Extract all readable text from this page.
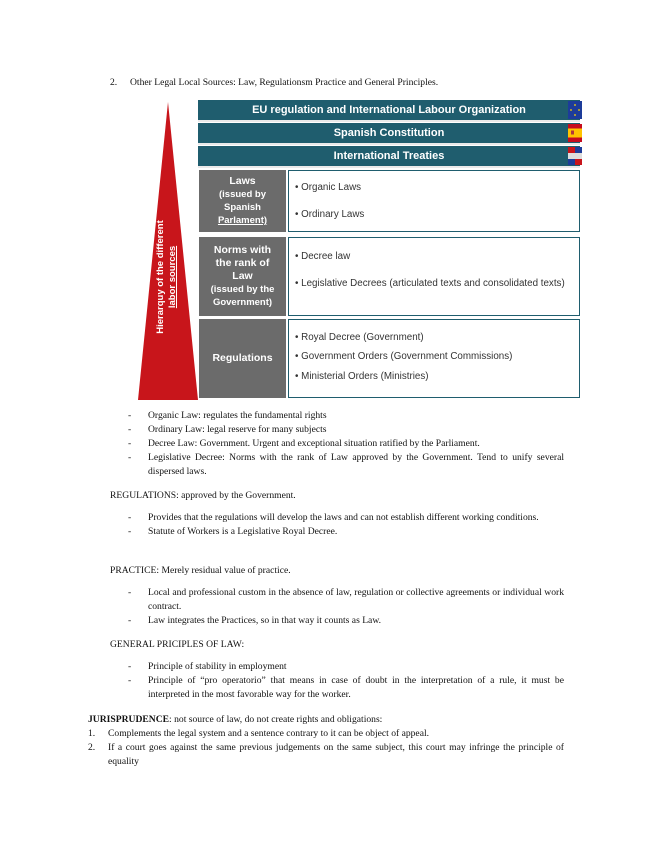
2. Other Legal Local Sources: Law, Regulationsm Practice and General Principles.
Hierarquy of the different labor sources
EU regulation and International Labour Organization
Spanish Constitution
International Treaties
Laws
(issued by
Spanish
Parlament)
• Organic Laws
• Ordinary Laws
Norms with
the rank of
Law
(issued by the
Government)
• Decree law
• Legislative Decrees (articulated texts and consolidated texts)
Regulations
• Royal Decree (Government)
• Government Orders (Government Commissions)
• Ministerial Orders (Ministries)
- Organic Law: regulates the fundamental rights
- Ordinary Law: legal reserve for many subjects
- Decree Law: Government. Urgent and exceptional situation ratified by the Parliament.
- Legislative Decree: Norms with the rank of Law approved by the Government. Tend to unify several dispersed laws.
REGULATIONS: approved by the Government.
- Provides that the regulations will develop the laws and can not establish different working conditions.
- Statute of Workers is a Legislative Royal Decree.
PRACTICE: Merely residual value of practice.
- Local and professional custom in the absence of law, regulation or collective agreements or individual work contract.
- Law integrates the Practices, so in that way it counts as Law.
GENERAL PRICIPLES OF LAW:
- Principle of stability in employment
- Principle of “pro operatorio” that means in case of doubt in the interpretation of a rule, it must be interpreted in the most favorable way for the worker.
JURISPRUDENCE: not source of law, do not create rights and obligations:
1. Complements the legal system and a sentence contrary to it can be object of appeal.
2. If a court goes against the same previous judgements on the same subject, this court may infringe the principle of equality
